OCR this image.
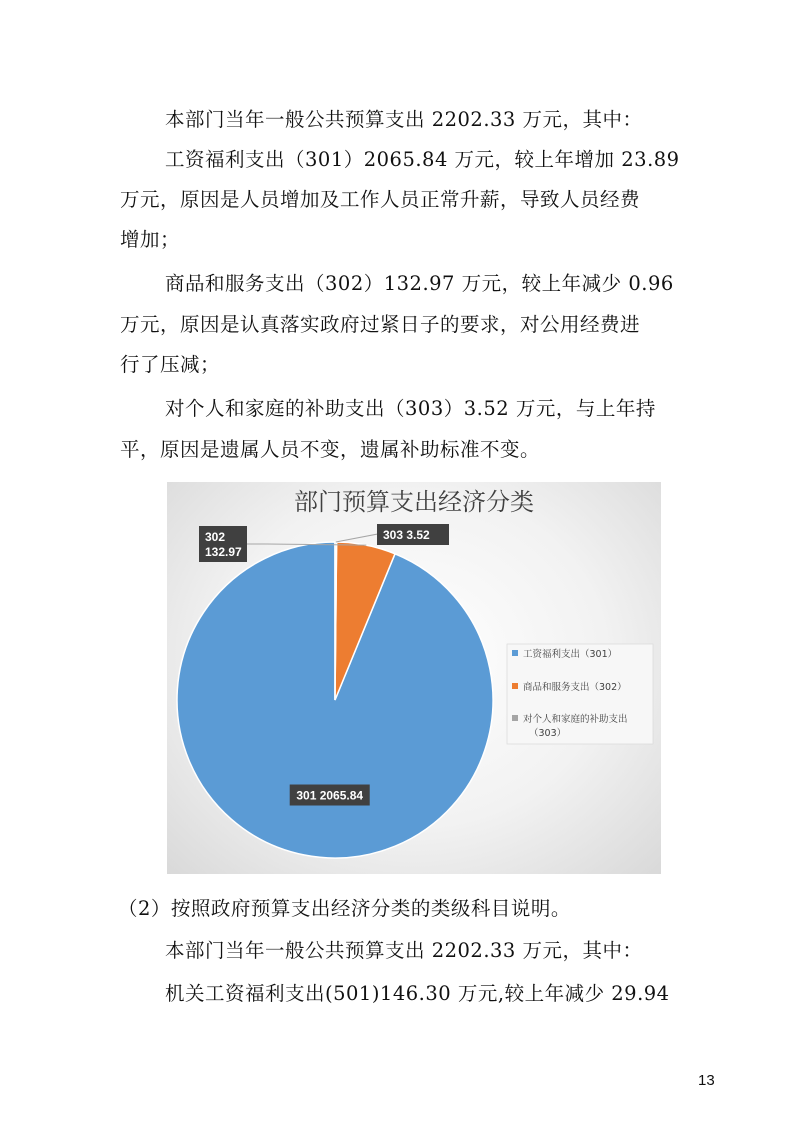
本部门当年一般公共预算支出 2202.33 万元，其中：
工资福利支出（301）2065.84 万元，较上年增加 23.89
万元，原因是人员增加及工作人员正常升薪，导致人员经费
增加；
商品和服务支出（302）132.97 万元，较上年减少 0.96
万元，原因是认真落实政府过紧日子的要求，对公用经费进
行了压减；
对个人和家庭的补助支出（303）3.52 万元，与上年持
平，原因是遗属人员不变，遗属补助标准不变。
部门预算支出经济分类
301 2065.84
302
132.97
303 3.52
工资福利支出（301）
商品和服务支出（302）
对个人和家庭的补助支出
（303）
（2）按照政府预算支出经济分类的类级科目说明。
本部门当年一般公共预算支出 2202.33 万元，其中：
机关工资福利支出(501)146.30 万元,较上年减少 29.94
13
